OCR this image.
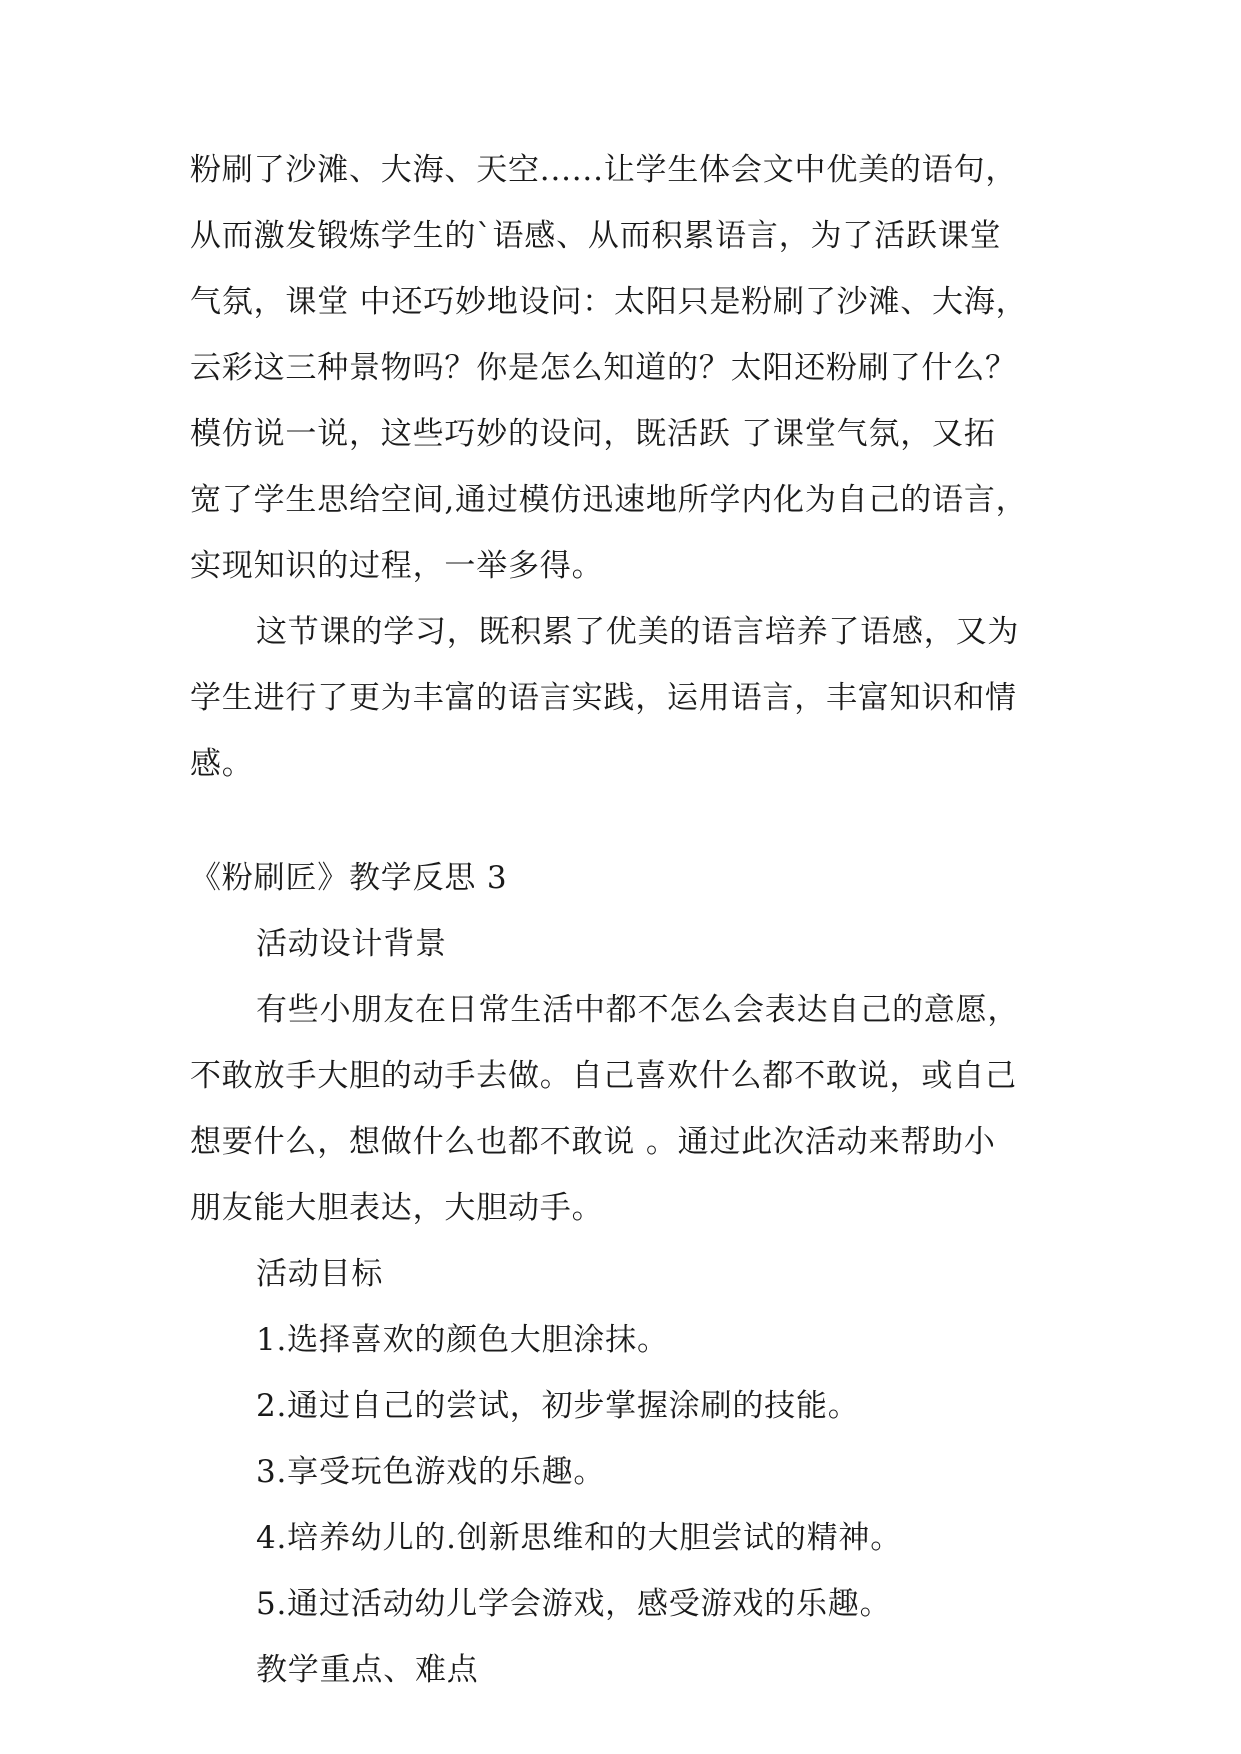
粉刷了沙滩、大海、天空......让学生体会文中优美的语句，
从而激发锻炼学生的`语感、从而积累语言，为了活跃课堂
气氛，课堂 中还巧妙地设问：太阳只是粉刷了沙滩、大海，
云彩这三种景物吗？你是怎么知道的？太阳还粉刷了什么？
模仿说一说，这些巧妙的设问，既活跃 了课堂气氛，又拓
宽了学生思给空间,通过模仿迅速地所学内化为自己的语言，
实现知识的过程，一举多得。
这节课的学习，既积累了优美的语言培养了语感，又为
学生进行了更为丰富的语言实践，运用语言，丰富知识和情
感。
《粉刷匠》教学反思 3
活动设计背景
有些小朋友在日常生活中都不怎么会表达自己的意愿，
不敢放手大胆的动手去做。自己喜欢什么都不敢说，或自己
想要什么，想做什么也都不敢说 。通过此次活动来帮助小
朋友能大胆表达，大胆动手。
活动目标
1.选择喜欢的颜色大胆涂抹。
2.通过自己的尝试，初步掌握涂刷的技能。
3.享受玩色游戏的乐趣。
4.培养幼儿的.创新思维和的大胆尝试的精神。
5.通过活动幼儿学会游戏，感受游戏的乐趣。
教学重点、难点
